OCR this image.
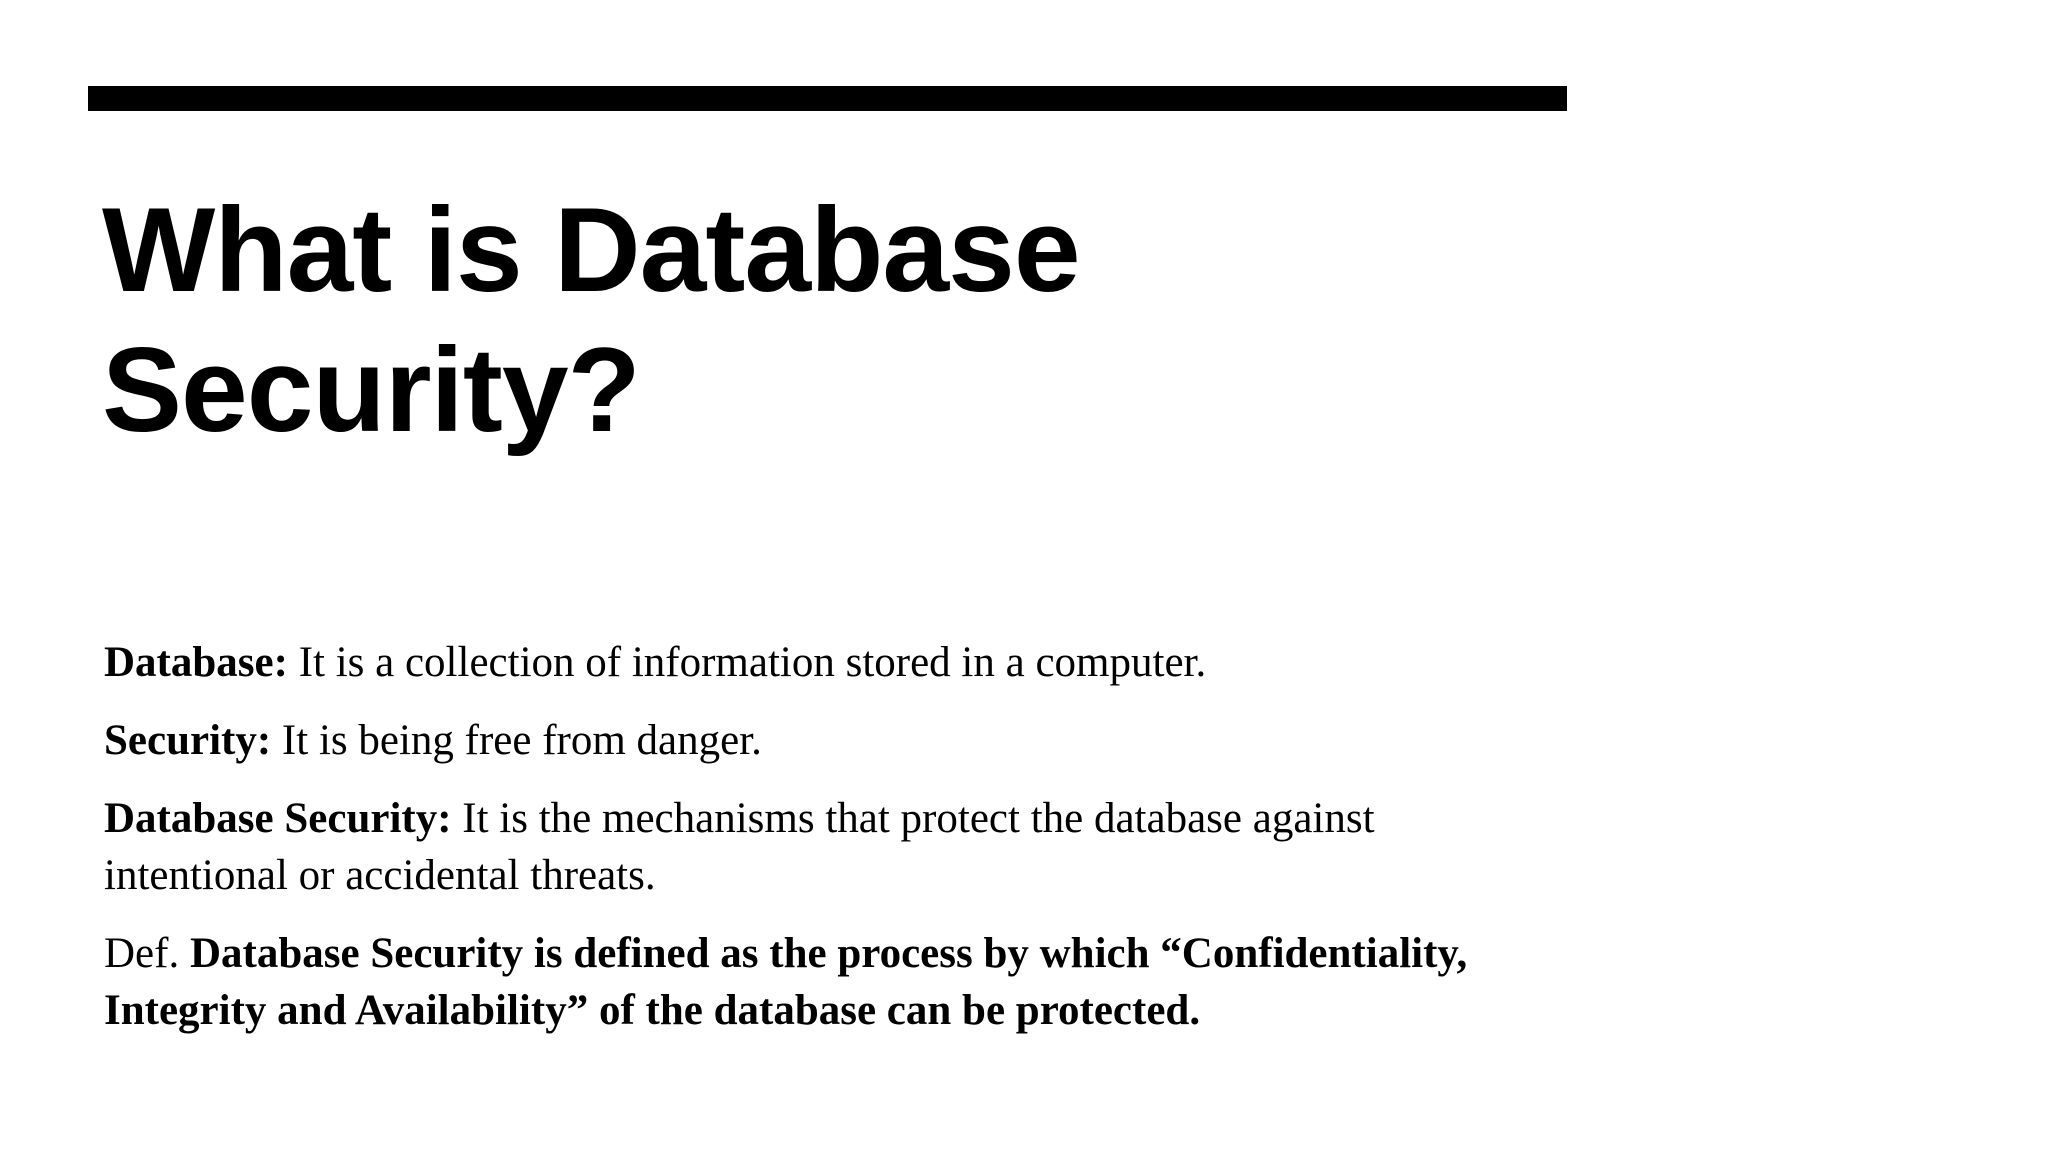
What is Database
Security?

Database: It is a collection of information stored in a computer.

Security: It is being free from danger.

Database Security: It is the mechanisms that protect the database against intentional or accidental threats.

Def. Database Security is defined as the process by which “Confidentiality, Integrity and Availability” of the database can be protected.
